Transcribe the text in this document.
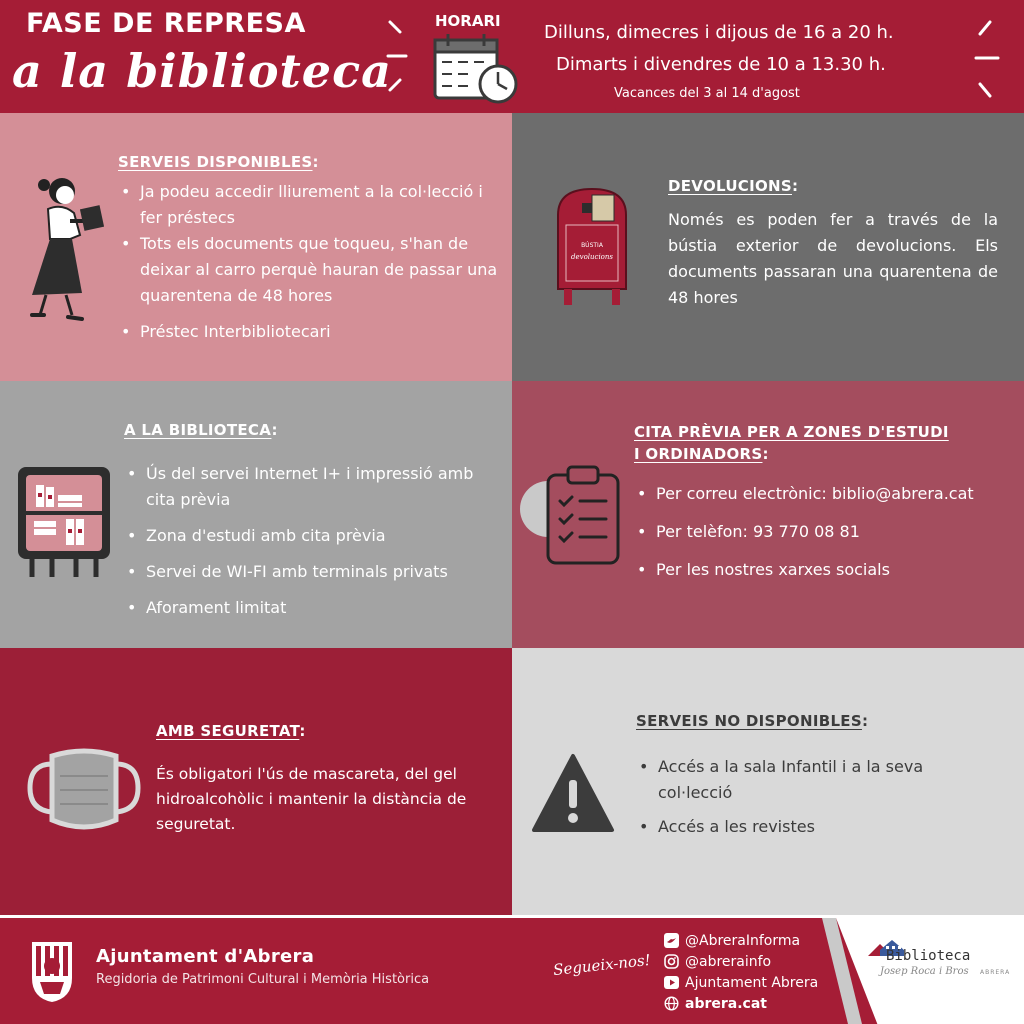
FASE DE REPRESA
a la biblioteca
HORARI
Dilluns, dimecres i dijous de 16 a 20 h.
Dimarts i divendres de 10 a 13.30 h.
Vacances del 3 al 14 d'agost
SERVEIS DISPONIBLES:
• Ja podeu accedir lliurement a la col·lecció i fer préstecs
• Tots els documents que toqueu, s'han de deixar al carro perquè hauran de passar una quarentena de 48 hores
• Préstec Interbibliotecari
BÚSTIA
devolucions
DEVOLUCIONS:
Només es poden fer a través de la bústia exterior de devolucions. Els documents passaran una quarentena de 48 hores
A LA BIBLIOTECA:
• Ús del servei Internet I+ i impressió amb cita prèvia
• Zona d'estudi amb cita prèvia
• Servei de WI-FI amb terminals privats
• Aforament limitat
CITA PRÈVIA PER A ZONES D'ESTUDI
I ORDINADORS:
• Per correu electrònic: biblio@abrera.cat
• Per telèfon: 93 770 08 81
• Per les nostres xarxes socials
AMB SEGURETAT:
És obligatori l'ús de mascareta, del gel hidroalcohòlic i mantenir la distància de seguretat.
SERVEIS NO DISPONIBLES:
• Accés a la sala Infantil i a la seva col·lecció
• Accés a les revistes
Ajuntament d'Abrera
Regidoria de Patrimoni Cultural i Memòria Històrica
Segueix-nos!
@AbreraInforma
@abrerainfo
Ajuntament Abrera
abrera.cat
Biblioteca
Josep Roca i Bros ABRERA
